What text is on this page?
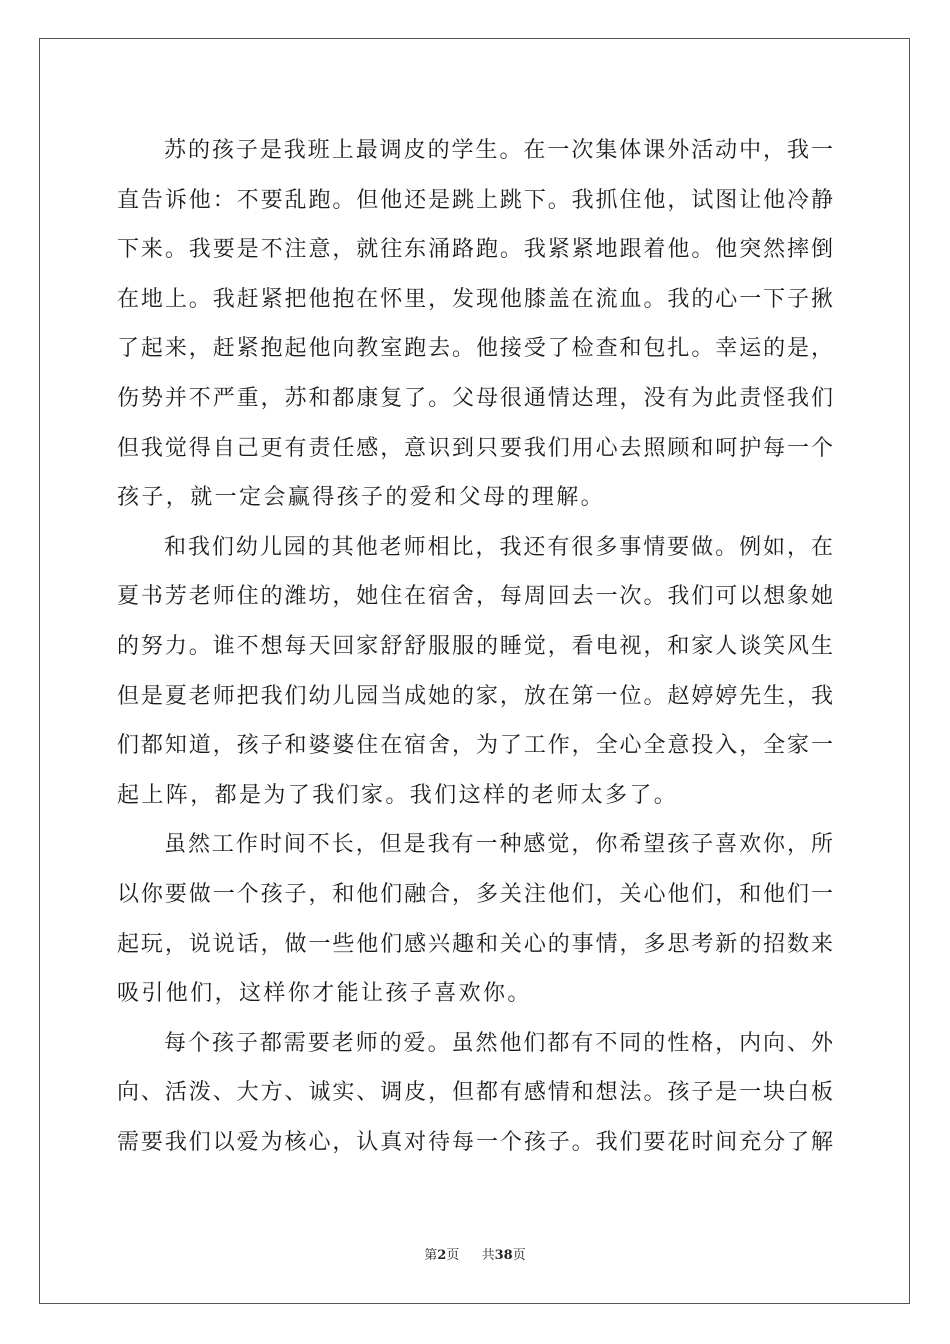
苏的孩子是我班上最调皮的学生。在一次集体课外活动中，我一
直告诉他：不要乱跑。但他还是跳上跳下。我抓住他，试图让他冷静
下来。我要是不注意，就往东涌路跑。我紧紧地跟着他。他突然摔倒
在地上。我赶紧把他抱在怀里，发现他膝盖在流血。我的心一下子揪
了起来，赶紧抱起他向教室跑去。他接受了检查和包扎。幸运的是，
伤势并不严重，苏和都康复了。父母很通情达理，没有为此责怪我们
但我觉得自己更有责任感，意识到只要我们用心去照顾和呵护每一个
孩子，就一定会赢得孩子的爱和父母的理解。
和我们幼儿园的其他老师相比，我还有很多事情要做。例如，在
夏书芳老师住的潍坊，她住在宿舍，每周回去一次。我们可以想象她
的努力。谁不想每天回家舒舒服服的睡觉，看电视，和家人谈笑风生
但是夏老师把我们幼儿园当成她的家，放在第一位。赵婷婷先生，我
们都知道，孩子和婆婆住在宿舍，为了工作，全心全意投入，全家一
起上阵，都是为了我们家。我们这样的老师太多了。
虽然工作时间不长，但是我有一种感觉，你希望孩子喜欢你，所
以你要做一个孩子，和他们融合，多关注他们，关心他们，和他们一
起玩，说说话，做一些他们感兴趣和关心的事情，多思考新的招数来
吸引他们，这样你才能让孩子喜欢你。
每个孩子都需要老师的爱。虽然他们都有不同的性格，内向、外
向、活泼、大方、诚实、调皮，但都有感情和想法。孩子是一块白板
需要我们以爱为核心，认真对待每一个孩子。我们要花时间充分了解
第2页 共38页
